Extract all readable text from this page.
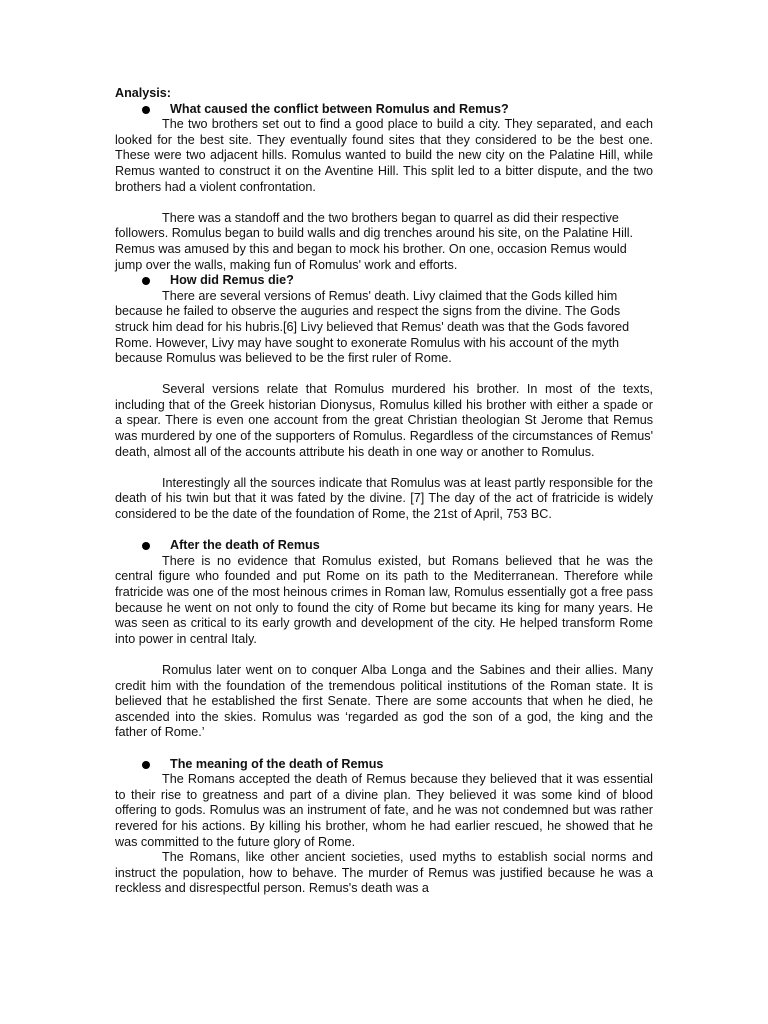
Analysis:

What caused the conflict between Romulus and Remus?

The two brothers set out to find a good place to build a city. They separated, and each looked for the best site. They eventually found sites that they considered to be the best one. These were two adjacent hills. Romulus wanted to build the new city on the Palatine Hill, while Remus wanted to construct it on the Aventine Hill. This split led to a bitter dispute, and the two brothers had a violent confrontation.

There was a standoff and the two brothers began to quarrel as did their respective followers. Romulus began to build walls and dig trenches around his site, on the Palatine Hill. Remus was amused by this and began to mock his brother. On one, occasion Remus would jump over the walls, making fun of Romulus' work and efforts.

How did Remus die?

There are several versions of Remus' death. Livy claimed that the Gods killed him because he failed to observe the auguries and respect the signs from the divine. The Gods struck him dead for his hubris.[6] Livy believed that Remus' death was that the Gods favored Rome. However, Livy may have sought to exonerate Romulus with his account of the myth because Romulus was believed to be the first ruler of Rome.

Several versions relate that Romulus murdered his brother. In most of the texts, including that of the Greek historian Dionysus, Romulus killed his brother with either a spade or a spear. There is even one account from the great Christian theologian St Jerome that Remus was murdered by one of the supporters of Romulus. Regardless of the circumstances of Remus' death, almost all of the accounts attribute his death in one way or another to Romulus.

Interestingly all the sources indicate that Romulus was at least partly responsible for the death of his twin but that it was fated by the divine. [7] The day of the act of fratricide is widely considered to be the date of the foundation of Rome, the 21st of April, 753 BC.

After the death of Remus

There is no evidence that Romulus existed, but Romans believed that he was the central figure who founded and put Rome on its path to the Mediterranean. Therefore while fratricide was one of the most heinous crimes in Roman law, Romulus essentially got a free pass because he went on not only to found the city of Rome but became its king for many years. He was seen as critical to its early growth and development of the city. He helped transform Rome into power in central Italy.

Romulus later went on to conquer Alba Longa and the Sabines and their allies. Many credit him with the foundation of the tremendous political institutions of the Roman state. It is believed that he established the first Senate. There are some accounts that when he died, he ascended into the skies. Romulus was ‘regarded as god the son of a god, the king and the father of Rome.’

The meaning of the death of Remus

The Romans accepted the death of Remus because they believed that it was essential to their rise to greatness and part of a divine plan. They believed it was some kind of blood offering to gods. Romulus was an instrument of fate, and he was not condemned but was rather revered for his actions. By killing his brother, whom he had earlier rescued, he showed that he was committed to the future glory of Rome.

The Romans, like other ancient societies, used myths to establish social norms and instruct the population, how to behave. The murder of Remus was justified because he was a reckless and disrespectful person. Remus's death was a
